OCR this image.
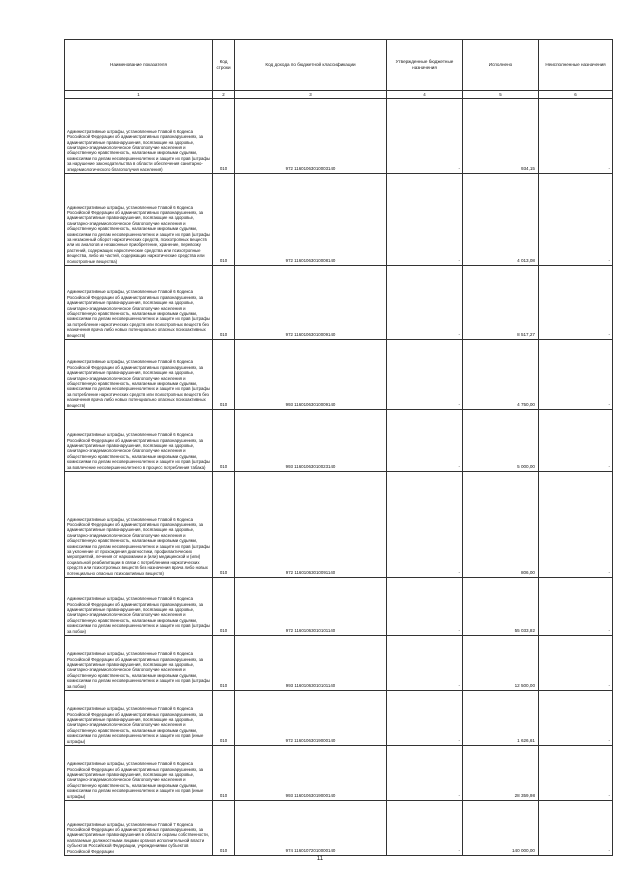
Наименование показателя	Код строки	Код дохода по бюджетной классификации	Утвержденные бюджетные назначения	Исполнено	Неисполненные назначения
1	2	3	4	5	6
Административные штрафы, установленные Главой 6 Кодекса Российской Федерации об административных правонарушениях, за административные правонарушения, посягающие на здоровье, санитарно-эпидемиологическое благополучие населения и общественную нравственность, налагаемые мировыми судьями, комиссиями по делам несовершеннолетних и защите их прав (штрафы за нарушение законодательства в области обеспечения санитарно-эпидемиологического благополучия населения)	010	972 11601063010003140	-	934,15	-
Административные штрафы, установленные Главой 6 Кодекса Российской Федерации об административных правонарушениях, за административные правонарушения, посягающие на здоровье, санитарно-эпидемиологическое благополучие населения и общественную нравственность, налагаемые мировыми судьями, комиссиями по делам несовершеннолетних и защите их прав (штрафы за незаконный оборот наркотических средств, психотропных веществ или их аналогов и незаконные приобретение, хранение, перевозку растений, содержащих наркотические средства или психотропные вещества, либо их частей, содержащих наркотические средства или психотропные вещества)	010	972 11601063010008140	-	4 013,08	-
Административные штрафы, установленные Главой 6 Кодекса Российской Федерации об административных правонарушениях, за административные правонарушения, посягающие на здоровье, санитарно-эпидемиологическое благополучие населения и общественную нравственность, налагаемые мировыми судьями, комиссиями по делам несовершеннолетних и защите их прав (штрафы за потребление наркотических средств или психотропных веществ без назначения врача либо новых потенциально опасных психоактивных веществ)	010	972 11601063010009140	-	8 517,27	-
Административные штрафы, установленные Главой 6 Кодекса Российской Федерации об административных правонарушениях, за административные правонарушения, посягающие на здоровье, санитарно-эпидемиологическое благополучие населения и общественную нравственность, налагаемые мировыми судьями, комиссиями по делам несовершеннолетних и защите их прав (штрафы за потребление наркотических средств или психотропных веществ без назначения врача либо новых потенциально опасных психоактивных веществ)	010	993 11601063010009140	-	4 750,00	-
Административные штрафы, установленные Главой 6 Кодекса Российской Федерации об административных правонарушениях, за административные правонарушения, посягающие на здоровье, санитарно-эпидемиологическое благополучие населения и общественную нравственность, налагаемые мировыми судьями, комиссиями по делам несовершеннолетних и защите их прав (штрафы за вовлечение несовершеннолетнего в процесс потребления табака)	010	993 11601063010023140	-	5 000,00	-
Административные штрафы, установленные Главой 6 Кодекса Российской Федерации об административных правонарушениях, за административные правонарушения, посягающие на здоровье, санитарно-эпидемиологическое благополучие населения и общественную нравственность, налагаемые мировыми судьями, комиссиями по делам несовершеннолетних и защите их прав (штрафы за уклонение от прохождения диагностики, профилактических мероприятий, лечения от наркомании и (или) медицинской и (или) социальной реабилитации в связи с потреблением наркотических средств или психотропных веществ без назначения врача либо новых потенциально опасных психоактивных веществ)	010	972 11601063010091140	-	806,00	-
Административные штрафы, установленные Главой 6 Кодекса Российской Федерации об административных правонарушениях, за административные правонарушения, посягающие на здоровье, санитарно-эпидемиологическое благополучие населения и общественную нравственность, налагаемые мировыми судьями, комиссиями по делам несовершеннолетних и защите их прав (штрафы за побои)	010	972 11601063010101140	-	55 033,82	-
Административные штрафы, установленные Главой 6 Кодекса Российской Федерации об административных правонарушениях, за административные правонарушения, посягающие на здоровье, санитарно-эпидемиологическое благополучие населения и общественную нравственность, налагаемые мировыми судьями, комиссиями по делам несовершеннолетних и защите их прав (штрафы за побои)	010	993 11601063010101140	-	12 500,00	-
Административные штрафы, установленные Главой 6 Кодекса Российской Федерации об административных правонарушениях, за административные правонарушения, посягающие на здоровье, санитарно-эпидемиологическое благополучие населения и общественную нравственность, налагаемые мировыми судьями, комиссиями по делам несовершеннолетних и защите их прав (иные штрафы)	010	972 11601063019000140	-	1 626,61	-
Административные штрафы, установленные Главой 6 Кодекса Российской Федерации об административных правонарушениях, за административные правонарушения, посягающие на здоровье, санитарно-эпидемиологическое благополучие населения и общественную нравственность, налагаемые мировыми судьями, комиссиями по делам несовершеннолетних и защите их прав (иные штрафы)	010	993 11601063019000140	-	28 359,98	-
Административные штрафы, установленные Главой 7 Кодекса Российской Федерации об административных правонарушениях, за административные правонарушения в области охраны собственности, налагаемые должностными лицами органов исполнительной власти субъектов Российской Федерации, учреждениями субъектов Российской Федерации	010	974 11601072010000140	-	140 000,00	-
11
